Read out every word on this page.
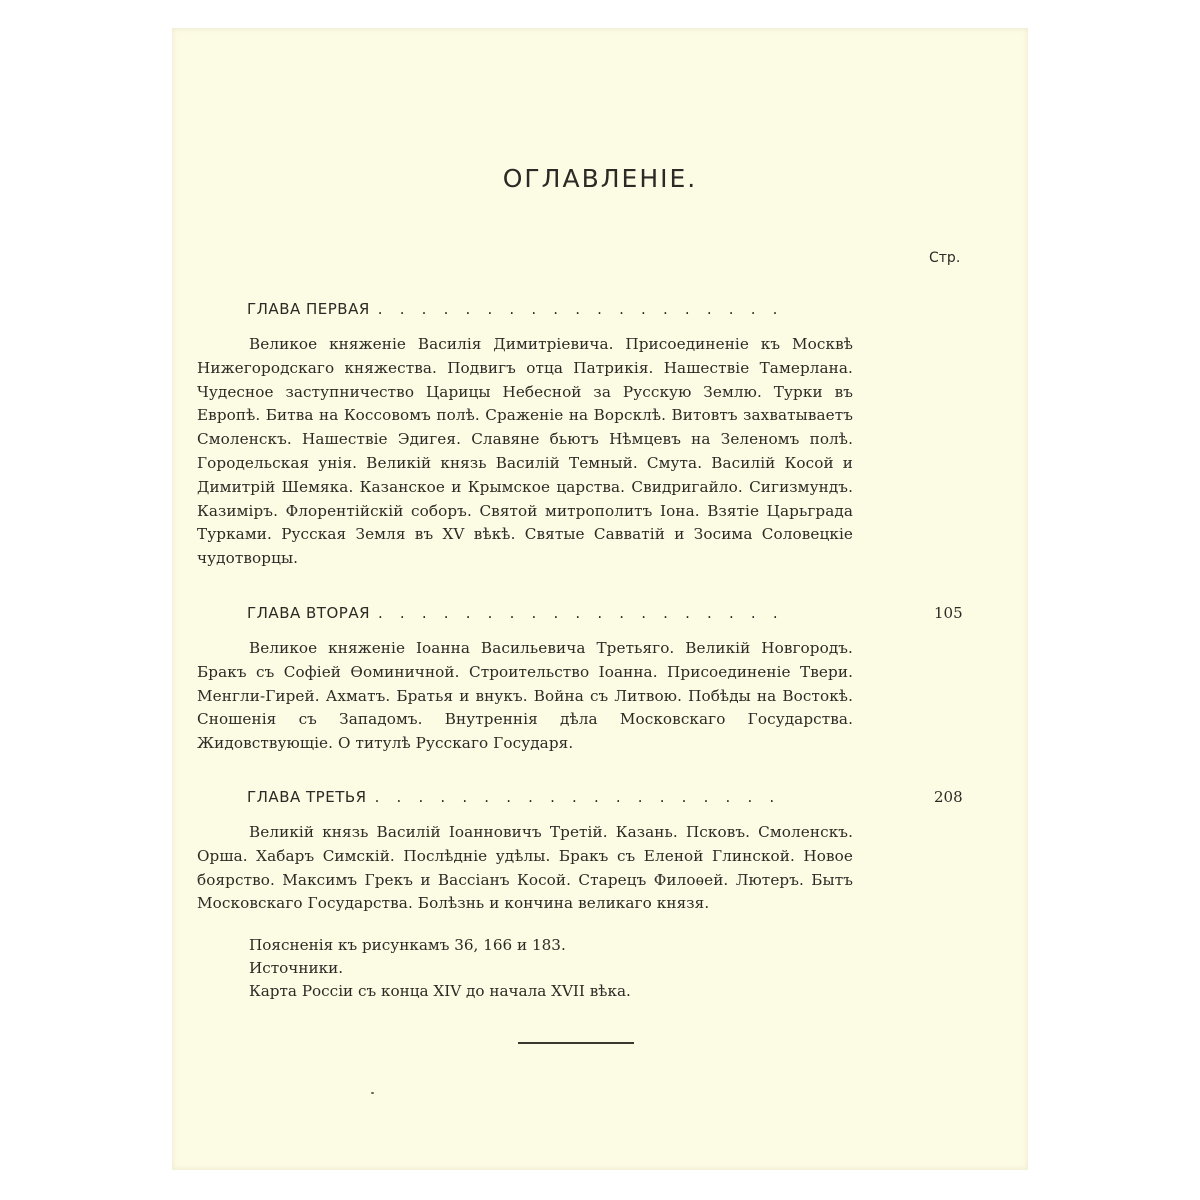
ОГЛАВЛЕНІЕ.
Стр.
ГЛАВА ПЕРВАЯ . . . . . . . . . . . . . . . . . . .
Великое княженіе Василія Димитріевича. Присоединеніе къ Москвѣ Нижегородскаго княжества. Подвигъ отца Патрикія. Нашествіе Тамерлана. Чудесное заступничество Царицы Небесной за Русскую Землю. Турки въ Европѣ. Битва на Коссовомъ полѣ. Сраженіе на Ворсклѣ. Витовтъ захватываетъ Смоленскъ. Нашествіе Эдигея. Славяне бьютъ Нѣмцевъ на Зеленомъ полѣ. Городельская унія. Великій князь Василій Темный. Смута. Василій Косой и Димитрій Шемяка. Казанское и Крымское царства. Свидригайло. Сигизмундъ. Казиміръ. Флорентійскій соборъ. Святой митрополитъ Іона. Взятіе Царьграда Турками. Русская Земля въ XV вѣкѣ. Святые Савватій и Зосима Соловецкіе чудотворцы.
ГЛАВА ВТОРАЯ . . . . . . . . . . . . . . . . . . .	105
Великое княженіе Іоанна Васильевича Третьяго. Великій Новгородъ. Бракъ съ Софіей Ѳоминичной. Строительство Іоанна. Присоединеніе Твери. Менгли-Гирей. Ахматъ. Братья и внукъ. Война съ Литвою. Побѣды на Востокѣ. Сношенія съ Западомъ. Внутреннія дѣла Московскаго Государства. Жидовствующіе. О титулѣ Русскаго Государя.
ГЛАВА ТРЕТЬЯ . . . . . . . . . . . . . . . . . . .	208
Великій князь Василій Іоанновичъ Третій. Казань. Псковъ. Смоленскъ. Орша. Хабаръ Симскій. Послѣдніе удѣлы. Бракъ съ Еленой Глинской. Новое боярство. Максимъ Грекъ и Вассіанъ Косой. Старецъ Филоѳей. Лютеръ. Бытъ Московскаго Государства. Болѣзнь и кончина великаго князя.
Поясненія къ рисункамъ 36, 166 и 183.
Источники.
Карта Россіи съ конца XIV до начала XVII вѣка.
